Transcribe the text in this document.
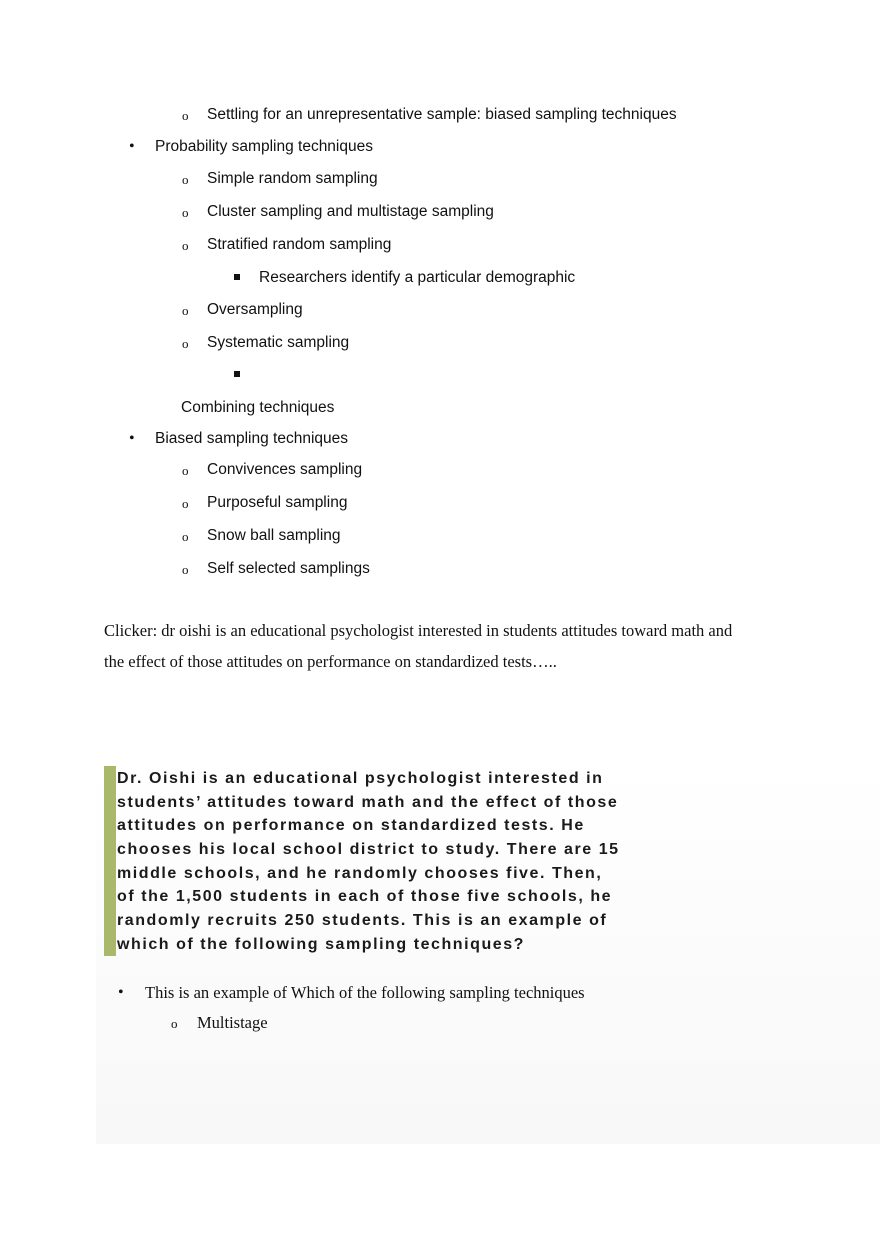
o Settling for an unrepresentative sample: biased sampling techniques
• Probability sampling techniques
o Simple random sampling
o Cluster sampling and multistage sampling
o Stratified random sampling
Researchers identify a particular demographic
o Oversampling
o Systematic sampling
Combining techniques
• Biased sampling techniques
o Convivences sampling
o Purposeful sampling
o Snow ball sampling
o Self selected samplings
Clicker: dr oishi is an educational psychologist interested in students attitudes toward math and
the effect of those attitudes on performance on standardized tests…..
Dr. Oishi is an educational psychologist interested in
students’ attitudes toward math and the effect of those
attitudes on performance on standardized tests. He
chooses his local school district to study. There are 15
middle schools, and he randomly chooses five. Then,
of the 1,500 students in each of those five schools, he
randomly recruits 250 students. This is an example of
which of the following sampling techniques?
• This is an example of Which of the following sampling techniques
o Multistage
